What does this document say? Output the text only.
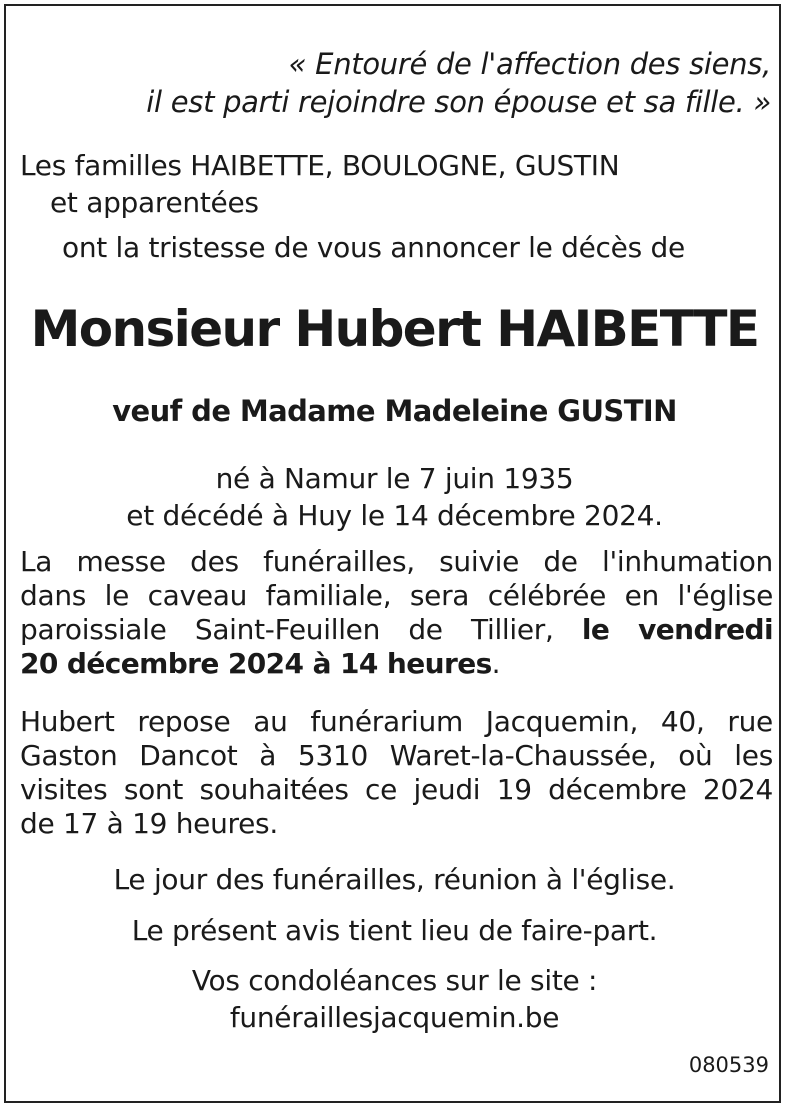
« Entouré de l'affection des siens,
il est parti rejoindre son épouse et sa fille. »
Les familles HAIBETTE, BOULOGNE, GUSTIN
et apparentées
ont la tristesse de vous annoncer le décès de
Monsieur Hubert HAIBETTE
veuf de Madame Madeleine GUSTIN
né à Namur le 7 juin 1935
et décédé à Huy le 14 décembre 2024.
La messe des funérailles, suivie de l'inhumation
dans le caveau familiale, sera célébrée en l'église
paroissiale Saint-Feuillen de Tillier, le vendredi
20 décembre 2024 à 14 heures.
Hubert repose au funérarium Jacquemin, 40, rue
Gaston Dancot à 5310 Waret-la-Chaussée, où les
visites sont souhaitées ce jeudi 19 décembre 2024
de 17 à 19 heures.
Le jour des funérailles, réunion à l'église.
Le présent avis tient lieu de faire-part.
Vos condoléances sur le site :
funéraillesjacquemin.be
080539
